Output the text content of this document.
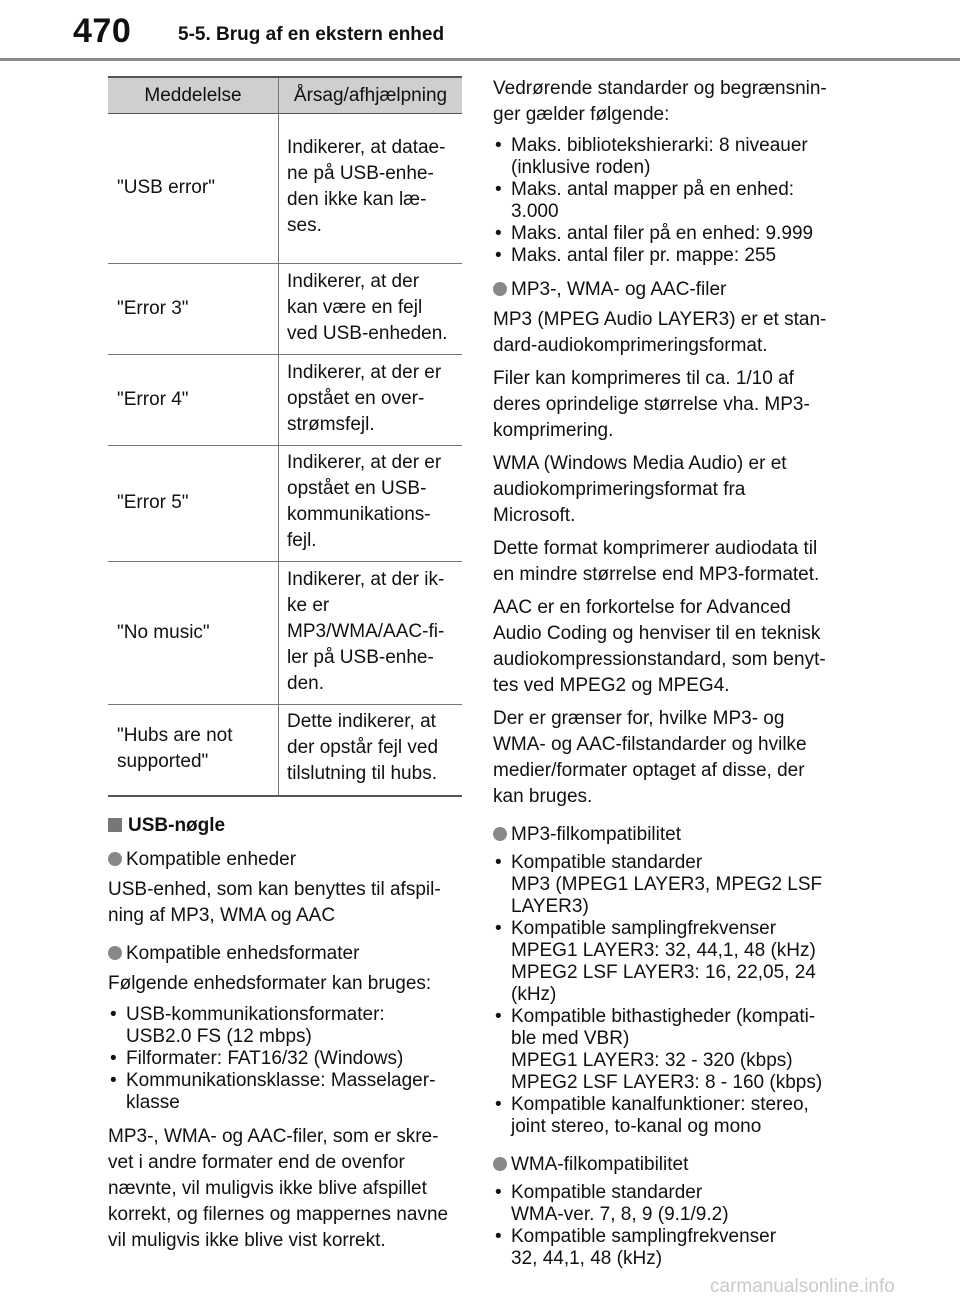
470 5-5. Brug af en ekstern enhed
Meddelelse	Årsag/afhjælpning
"USB error"	Indikerer, at datae-
ne på USB-enhe-
den ikke kan læ-
ses.

"Error 3"	Indikerer, at der
kan være en fejl
ved USB-enheden.

"Error 4"	Indikerer, at der er
opstået en over-
strømsfejl.

"Error 5"	Indikerer, at der er
opstået en USB-
kommunikations-
fejl.

"No music"	Indikerer, at der ik-
ke er
MP3/WMA/AAC-fi-
ler på USB-enhe-
den.

"Hubs are not
supported"	Dette indikerer, at
der opstår fejl ved
tilslutning til hubs.
USB-nøgle
Kompatible enheder
USB-enhed, som kan benyttes til afspil-
ning af MP3, WMA og AAC
Kompatible enhedsformater
Følgende enhedsformater kan bruges:
• USB-kommunikationsformater:
USB2.0 FS (12 mbps)
• Filformater: FAT16/32 (Windows)
• Kommunikationsklasse: Masselager-
klasse
MP3-, WMA- og AAC-filer, som er skre-
vet i andre formater end de ovenfor
nævnte, vil muligvis ikke blive afspillet
korrekt, og filernes og mappernes navne
vil muligvis ikke blive vist korrekt.
Vedrørende standarder og begrænsnin-
ger gælder følgende:
• Maks. bibliotekshierarki: 8 niveauer
(inklusive roden)
• Maks. antal mapper på en enhed:
3.000
• Maks. antal filer på en enhed: 9.999
• Maks. antal filer pr. mappe: 255
MP3-, WMA- og AAC-filer
MP3 (MPEG Audio LAYER3) er et stan-
dard-audiokomprimeringsformat.
Filer kan komprimeres til ca. 1/10 af
deres oprindelige størrelse vha. MP3-
komprimering.
WMA (Windows Media Audio) er et
audiokomprimeringsformat fra
Microsoft.
Dette format komprimerer audiodata til
en mindre størrelse end MP3-formatet.
AAC er en forkortelse for Advanced
Audio Coding og henviser til en teknisk
audiokompressionstandard, som benyt-
tes ved MPEG2 og MPEG4.
Der er grænser for, hvilke MP3- og
WMA- og AAC-filstandarder og hvilke
medier/formater optaget af disse, der
kan bruges.
MP3-filkompatibilitet
• Kompatible standarder
MP3 (MPEG1 LAYER3, MPEG2 LSF
LAYER3)
• Kompatible samplingfrekvenser
MPEG1 LAYER3: 32, 44,1, 48 (kHz)
MPEG2 LSF LAYER3: 16, 22,05, 24
(kHz)
• Kompatible bithastigheder (kompati-
ble med VBR)
MPEG1 LAYER3: 32 - 320 (kbps)
MPEG2 LSF LAYER3: 8 - 160 (kbps)
• Kompatible kanalfunktioner: stereo,
joint stereo, to-kanal og mono
WMA-filkompatibilitet
• Kompatible standarder
WMA-ver. 7, 8, 9 (9.1/9.2)
• Kompatible samplingfrekvenser
32, 44,1, 48 (kHz)
carmanualsonline.info
